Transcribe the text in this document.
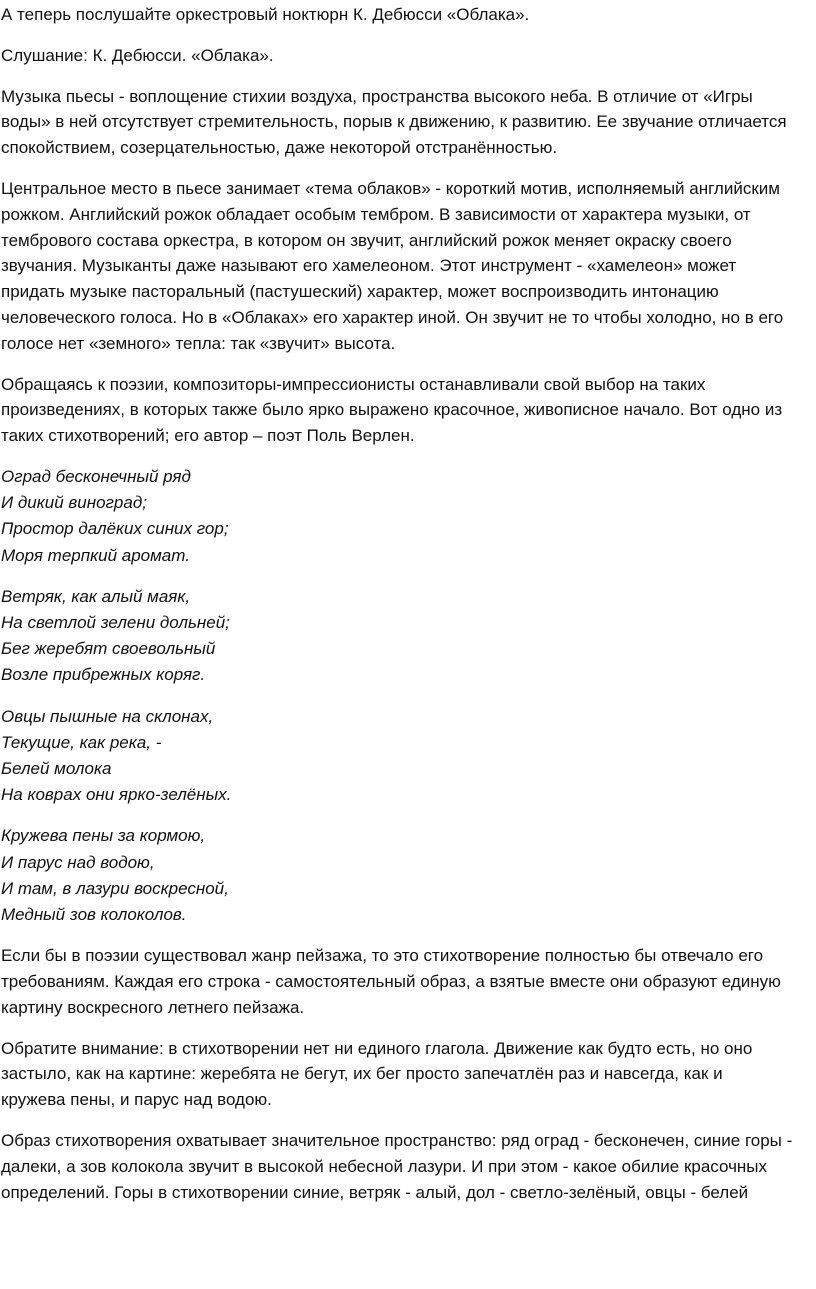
А теперь послушайте оркестровый ноктюрн К. Дебюсси «Облака».

Слушание: К. Дебюсси. «Облака».

Музыка пьесы - воплощение стихии воздуха, пространства высокого неба. В отличие от «Игры
воды» в ней отсутствует стремительность, порыв к движению, к развитию. Ее звучание отличается
спокойствием, созерцательностью, даже некоторой отстранённостью.

Центральное место в пьесе занимает «тема облаков» - короткий мотив, исполняемый английским
рожком. Английский рожок обладает особым тембром. В зависимости от характера музыки, от
тембрового состава оркестра, в котором он звучит, английский рожок меняет окраску своего
звучания. Музыканты даже называют его хамелеоном. Этот инструмент - «хамелеон» может
придать музыке пасторальный (пастушеский) характер, может воспроизводить интонацию
человеческого голоса. Но в «Облаках» его характер иной. Он звучит не то чтобы холодно, но в его
голосе нет «земного» тепла: так «звучит» высота.

Обращаясь к поэзии, композиторы-импрессионисты останавливали свой выбор на таких
произведениях, в которых также было ярко выражено красочное, живописное начало. Вот одно из
таких стихотворений; его автор – поэт Поль Верлен.

Оград бесконечный ряд
И дикий виноград;
Простор далёких синих гор;
Моря терпкий аромат.

Ветряк, как алый маяк,
На светлой зелени дольней;
Бег жеребят своевольный
Возле прибрежных коряг.

Овцы пышные на склонах,
Текущие, как река, -
Белей молока
На коврах они ярко-зелёных.

Кружева пены за кормою,
И парус над водою,
И там, в лазури воскресной,
Медный зов колоколов.

Если бы в поэзии существовал жанр пейзажа, то это стихотворение полностью бы отвечало его
требованиям. Каждая его строка - самостоятельный образ, а взятые вместе они образуют единую
картину воскресного летнего пейзажа.

Обратите внимание: в стихотворении нет ни единого глагола. Движение как будто есть, но оно
застыло, как на картине: жеребята не бегут, их бег просто запечатлён раз и навсегда, как и
кружева пены, и парус над водою.

Образ стихотворения охватывает значительное пространство: ряд оград - бесконечен, синие горы -
далеки, а зов колокола звучит в высокой небесной лазури. И при этом - какое обилие красочных
определений. Горы в стихотворении синие, ветряк - алый, дол - светло-зелёный, овцы - белей
